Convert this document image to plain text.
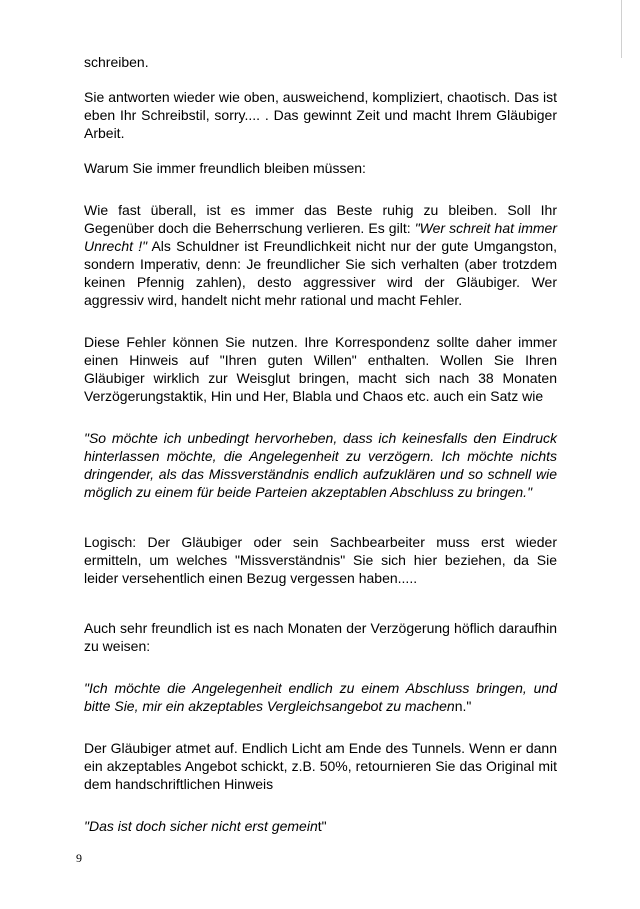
schreiben.

Sie antworten wieder wie oben, ausweichend, kompliziert, chaotisch. Das ist eben Ihr Schreibstil, sorry.... . Das gewinnt Zeit und macht Ihrem Gläubiger Arbeit.

Warum Sie immer freundlich bleiben müssen:

Wie fast überall, ist es immer das Beste ruhig zu bleiben. Soll Ihr Gegenüber doch die Beherrschung verlieren. Es gilt: "Wer schreit hat immer Unrecht !" Als Schuldner ist Freundlichkeit nicht nur der gute Umgangston, sondern Imperativ, denn: Je freundlicher Sie sich verhalten (aber trotzdem keinen Pfennig zahlen), desto aggressiver wird der Gläubiger. Wer aggressiv wird, handelt nicht mehr rational und macht Fehler.

Diese Fehler können Sie nutzen. Ihre Korrespondenz sollte daher immer einen Hinweis auf "Ihren guten Willen" enthalten. Wollen Sie Ihren Gläubiger wirklich zur Weisglut bringen, macht sich nach 38 Monaten Verzögerungstaktik, Hin und Her, Blabla und Chaos etc. auch ein Satz wie

"So möchte ich unbedingt hervorheben, dass ich keinesfalls den Eindruck hinterlassen möchte, die Angelegenheit zu verzögern. Ich möchte nichts dringender, als das Missverständnis endlich aufzuklären und so schnell wie möglich zu einem für beide Parteien akzeptablen Abschluss zu bringen."

Logisch: Der Gläubiger oder sein Sachbearbeiter muss erst wieder ermitteln, um welches "Missverständnis" Sie sich hier beziehen, da Sie leider versehentlich einen Bezug vergessen haben.....

Auch sehr freundlich ist es nach Monaten der Verzögerung höflich daraufhin zu weisen:

"Ich möchte die Angelegenheit endlich zu einem Abschluss bringen, und bitte Sie, mir ein akzeptables Vergleichsangebot zu machenn."

Der Gläubiger atmet auf. Endlich Licht am Ende des Tunnels. Wenn er dann ein akzeptables Angebot schickt, z.B. 50%, retournieren Sie das Original mit dem handschriftlichen Hinweis

"Das ist doch sicher nicht erst gemeint"

9
